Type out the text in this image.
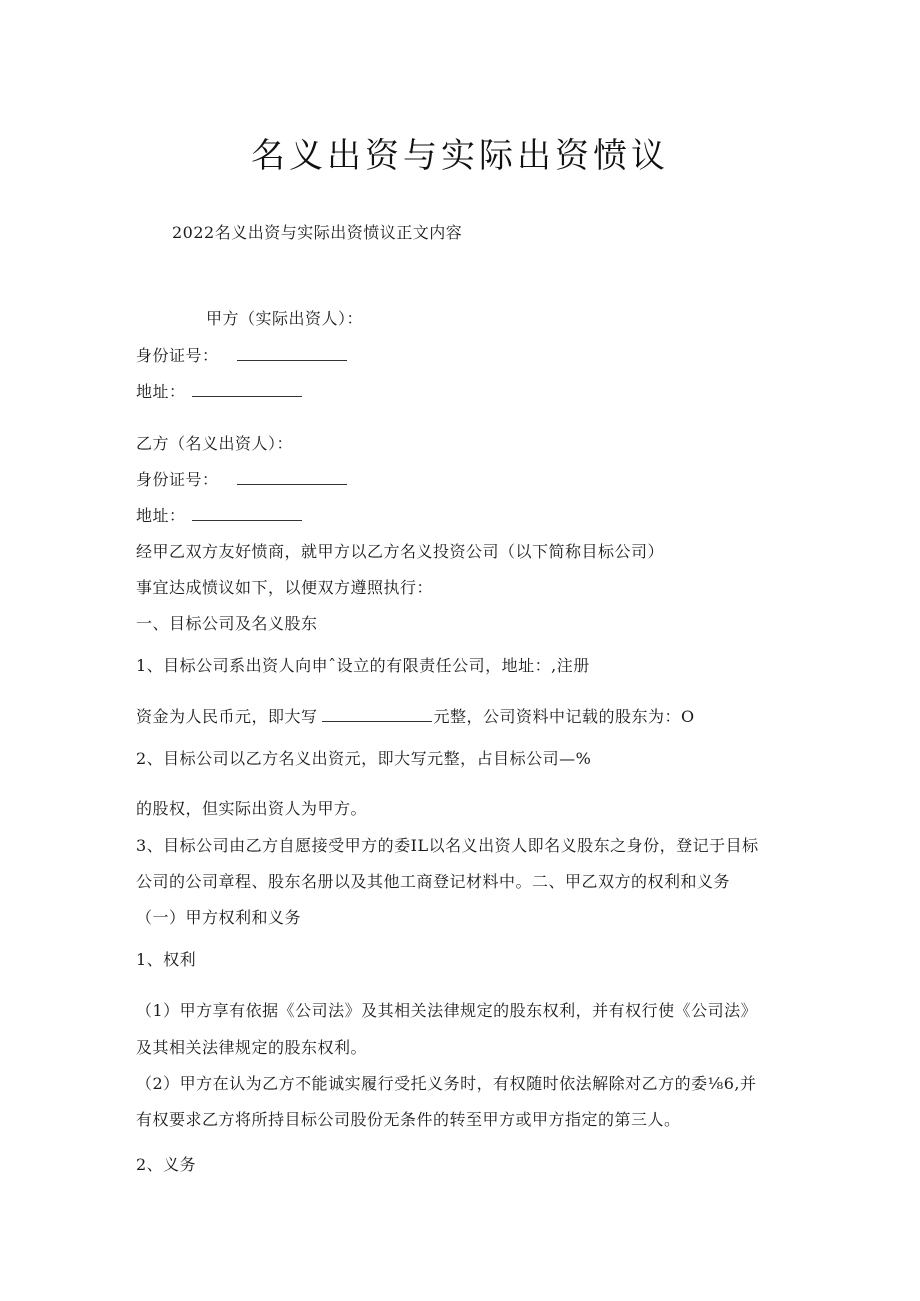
名义出资与实际出资愤议
2022名义出资与实际出资愤议正文内容
甲方（实际出资人）：
身份证号：
地址：
乙方（名义出资人）：
身份证号：
地址：
经甲乙双方友好愤商，就甲方以乙方名义投资公司（以下简称目标公司）
事宜达成愤议如下，以便双方遵照执行：
一、目标公司及名义股东
1、目标公司系出资人向申ˆ设立的有限责任公司，地址：,注册
资金为人民币元，即大写	元整，公司资料中记载的股东为：O
2、目标公司以乙方名义出资元，即大写元整，占目标公司—%
的股权，但实际出资人为甲方。
3、目标公司由乙方自愿接受甲方的委IL以名义出资人即名义股东之身份，登记于目标
公司的公司章程、股东名册以及其他工商登记材料中。二、甲乙双方的权利和义务
（一）甲方权利和义务
1、权利
（1）甲方享有依据《公司法》及其相关法律规定的股东权利，并有权行使《公司法》
及其相关法律规定的股东权利。
（2）甲方在认为乙方不能诚实履行受托义务时，有权随时依法解除对乙方的委⅛6,并
有权要求乙方将所持目标公司股份无条件的转至甲方或甲方指定的第三人。
2、义务
